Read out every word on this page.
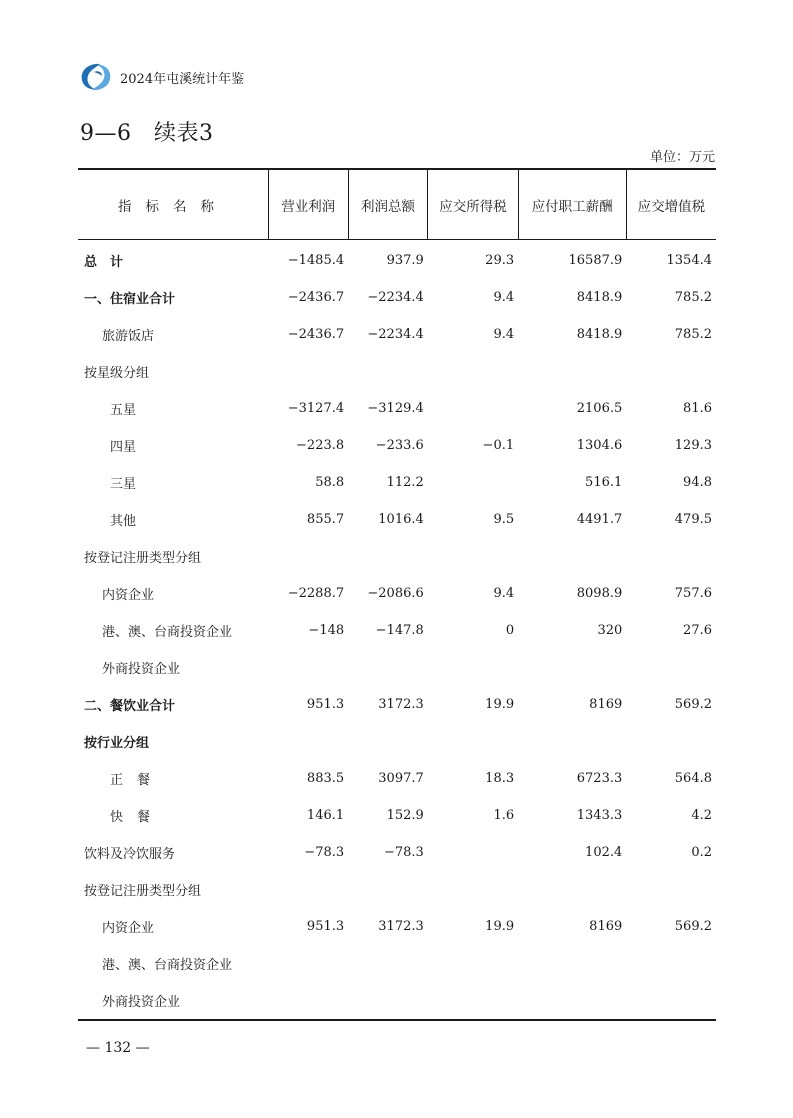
2024年屯溪统计年鉴
9—6　续表3
单位：万元
指标名称	营业利润	利润总额	应交所得税	应付职工薪酬	应交增值税
总　计	−1485.4	937.9	29.3	16587.9	1354.4
一、住宿业合计	−2436.7	−2234.4	9.4	8418.9	785.2
旅游饭店	−2436.7	−2234.4	9.4	8418.9	785.2
按星级分组					
五星	−3127.4	−3129.4		2106.5	81.6
四星	−223.8	−233.6	−0.1	1304.6	129.3
三星	58.8	112.2		516.1	94.8
其他	855.7	1016.4	9.5	4491.7	479.5
按登记注册类型分组					
内资企业	−2288.7	−2086.6	9.4	8098.9	757.6
港、澳、台商投资企业	−148	−147.8	0	320	27.6
外商投资企业					
二、餐饮业合计	951.3	3172.3	19.9	8169	569.2
按行业分组					
正餐	883.5	3097.7	18.3	6723.3	564.8
快餐	146.1	152.9	1.6	1343.3	4.2
饮料及冷饮服务	−78.3	−78.3		102.4	0.2
按登记注册类型分组					
内资企业	951.3	3172.3	19.9	8169	569.2
港、澳、台商投资企业					
外商投资企业					
— 132 —
